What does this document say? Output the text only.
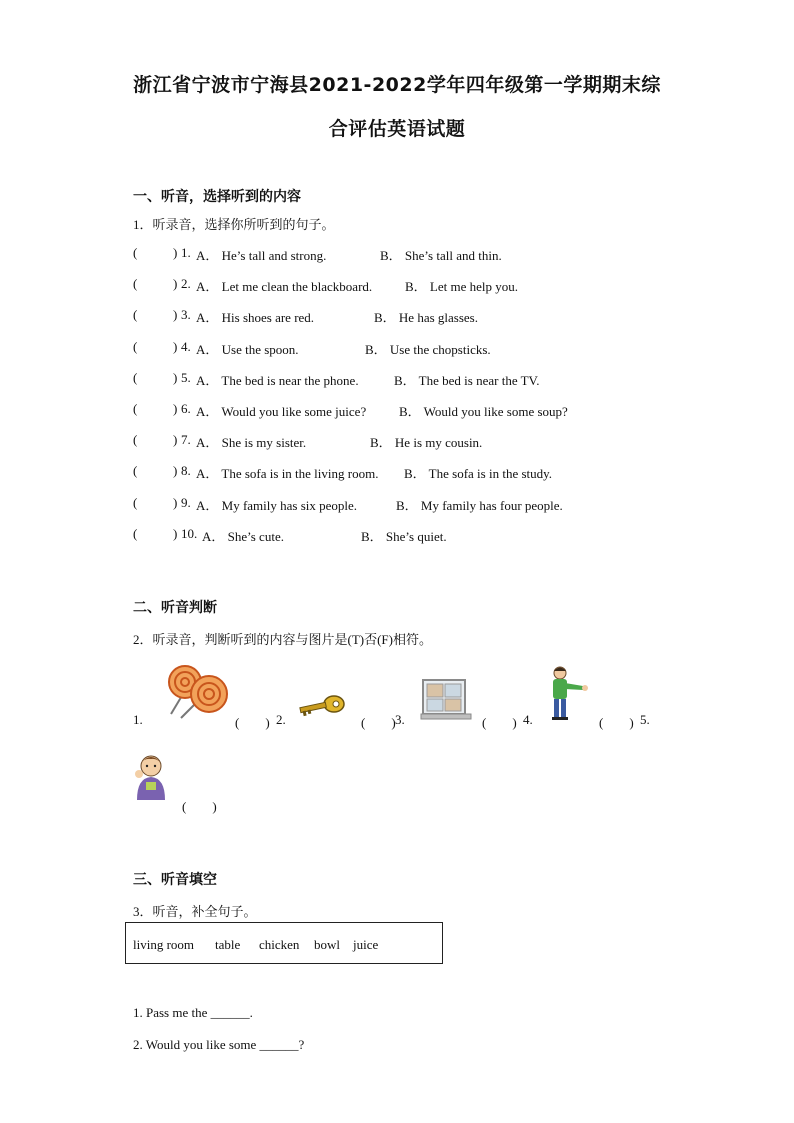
浙江省宁波市宁海县2021-2022学年四年级第一学期期末综
合评估英语试题
一、听音，选择听到的内容
1．听录音，选择你所听到的句子。
(	) 1. A． He’s tall and strong.	B． She’s tall and thin.
(	) 2. A． Let me clean the blackboard.	B． Let me help you.
(	) 3. A． His shoes are red.	B． He has glasses.
(	) 4. A． Use the spoon.	B． Use the chopsticks.
(	) 5. A． The bed is near the phone.	B． The bed is near the TV.
(	) 6. A． Would you like some juice?	B． Would you like some soup?
(	) 7. A． She is my sister.	B． He is my cousin.
(	) 8. A． The sofa is in the living room. B． The sofa is in the study.
(	) 9. A． My family has six people.	B． My family has four people.
(	) 10. A． She’s cute.	B． She’s quiet.
二、听音判断
2．听录音，判断听到的内容与图片是(T)否(F)相符。
1.	(　　) 2.	(　　) 3.	(　　) 4.	(　　) 5.
(　　)
三、听音填空
3．听音，补全句子。
living room table chicken bowl juice
1. Pass me the ______.
2. Would you like some ______?
